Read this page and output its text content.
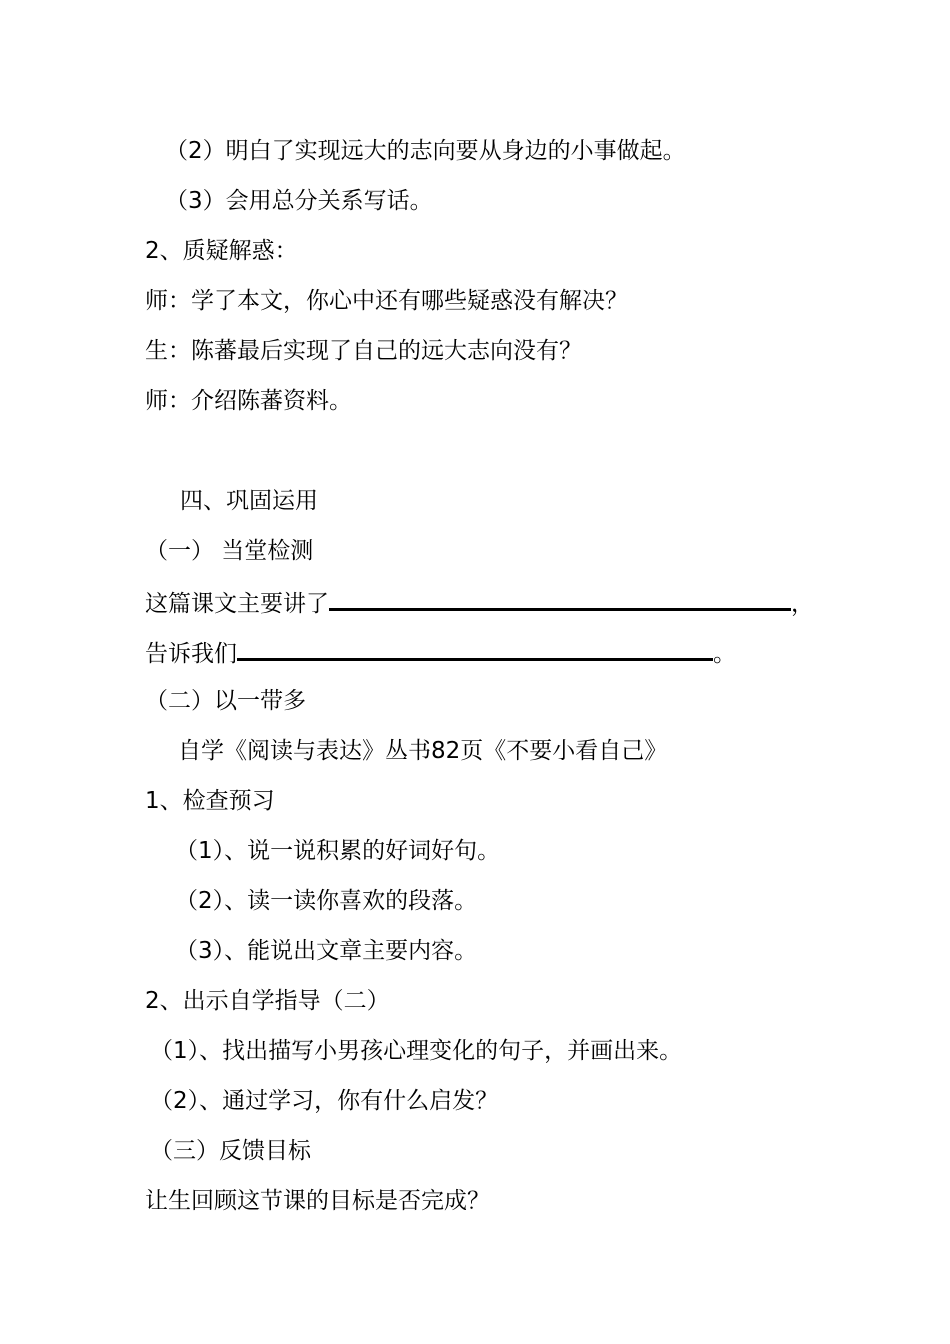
（2）明白了实现远大的志向要从身边的小事做起。
（3）会用总分关系写话。
2、质疑解惑：
师：学了本文，你心中还有哪些疑惑没有解决？
生：陈蕃最后实现了自己的远大志向没有？
师：介绍陈蕃资料。
四、巩固运用
（一） 当堂检测
这篇课文主要讲了	，
告诉我们	。
（二）以一带多
自学《阅读与表达》丛书82页《不要小看自己》
1、检查预习
（1）、说一说积累的好词好句。
（2）、读一读你喜欢的段落。
（3）、能说出文章主要内容。
2、出示自学指导（二）
（1）、找出描写小男孩心理变化的句子，并画出来。
（2）、通过学习，你有什么启发？
（三）反馈目标
让生回顾这节课的目标是否完成？
